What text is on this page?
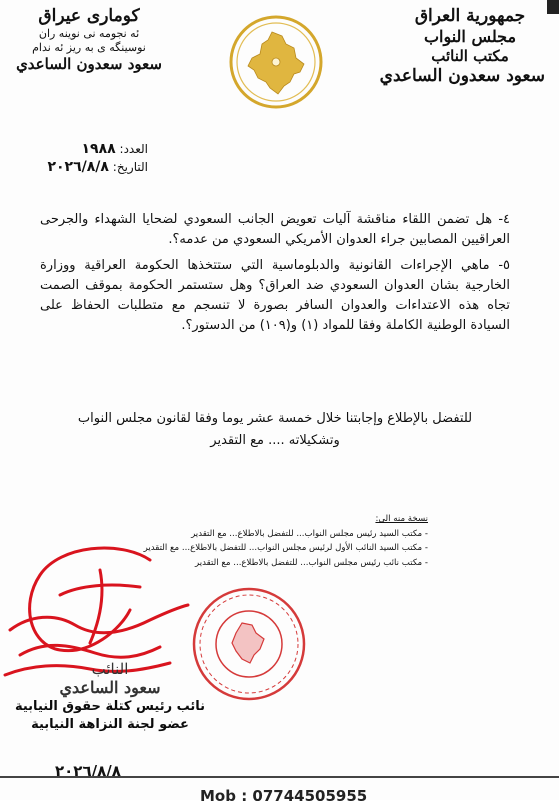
جمهورية العراق
مجلس النواب
مكتب النائب
سعود سعدون الساعدي
كوماری عیراق
ئه نجومه نی نوینه ران
نوسینگه ی به ریز ئه ندام
سعود سعدون الساعدي
العدد: ١٩٨٨
التاريخ: ٢٠٢٦/٨/٨

٤- هل تضمن اللقاء مناقشة آليات تعويض الجانب السعودي لضحايا الشهداء والجرحى العراقيين المصابين جراء العدوان الأمريكي السعودي من عدمه؟.

٥- ماهي الإجراءات القانونية والدبلوماسية التي ستتخذها الحكومة العراقية ووزارة الخارجية بشان العدوان السعودي ضد العراق؟ وهل ستستمر الحكومة بموقف الصمت تجاه هذه الاعتداءات والعدوان السافر بصورة لا تنسجم مع متطلبات الحفاظ على السيادة الوطنية الكاملة وفقا للمواد (١) و(١٠٩) من الدستور؟.

للتفضل بالإطلاع وإجابتنا خلال خمسة عشر يوما وفقا لقانون مجلس النواب
وتشكيلاته .... مع التقدير
نسخة منه الى:
- مكتب السيد رئيس مجلس النواب... للتفضل بالاطلاع... مع التقدير
- مكتب السيد النائب الأول لرئيس مجلس النواب... للتفضل بالاطلاع... مع التقدير
- مكتب نائب رئيس مجلس النواب... للتفضل بالاطلاع... مع التقدير
النائب
سعود الساعدي
نائب رئيس كتلة حقوق النيابية
عضو لجنة النزاهة النيابية
٢٠٢٦/٨/٨
Mob : 07744505955
